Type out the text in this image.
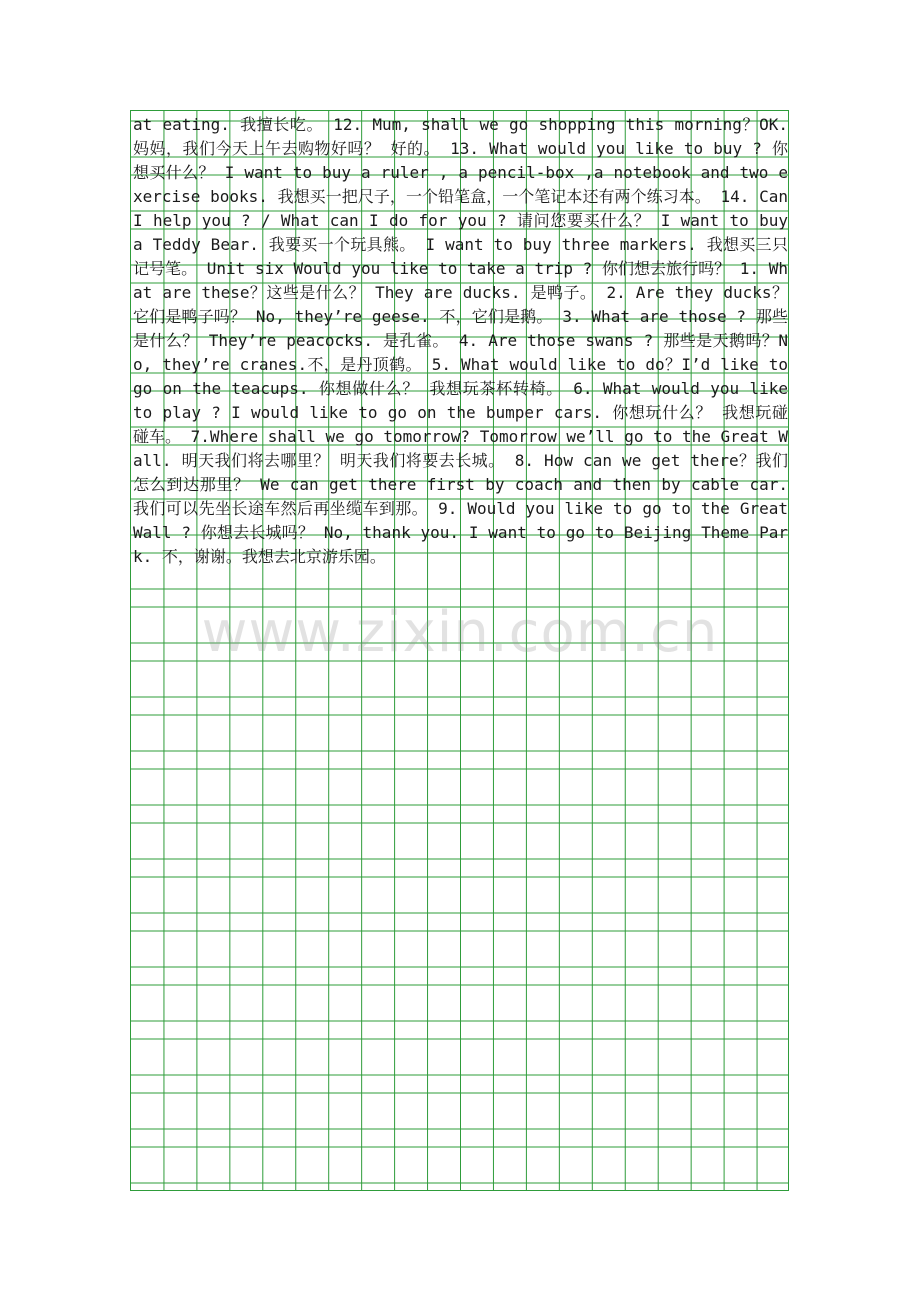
at eating. 我擅长吃。 12. Mum, shall we go shopping this morning？OK. 妈妈，我们今天上午去购物好吗？ 好的。 13. What would you like to buy ? 你想买什么？ I want to buy a ruler , a pencil-box ,a notebook and two exercise books. 我想买一把尺子，一个铅笔盒，一个笔记本还有两个练习本。 14. Can I help you ? / What can I do for you ? 请问您要买什么？ I want to buy a Teddy Bear. 我要买一个玩具熊。 I want to buy three markers. 我想买三只记号笔。 Unit six Would you like to take a trip ? 你们想去旅行吗？ 1. What are these？这些是什么？ They are ducks. 是鸭子。 2. Are they ducks？它们是鸭子吗？ No, they’re geese. 不，它们是鹅。 3. What are those ? 那些是什么？ They’re peacocks. 是孔雀。 4. Are those swans ? 那些是天鹅吗？No, they’re cranes.不，是丹顶鹤。 5. What would like to do？I’d like to go on the teacups. 你想做什么？ 我想玩茶杯转椅。 6. What would you like to play ? I would like to go on the bumper cars. 你想玩什么？ 我想玩碰碰车。 7.Where shall we go tomorrow? Tomorrow we’ll go to the Great Wall. 明天我们将去哪里？ 明天我们将要去长城。 8. How can we get there？我们怎么到达那里？ We can get there first by coach and then by cable car. 我们可以先坐长途车然后再坐缆车到那。 9. Would you like to go to the Great Wall ? 你想去长城吗？ No, thank you. I want to go to Beijing Theme Park. 不，谢谢。我想去北京游乐园。

www.zixin.com.cn
